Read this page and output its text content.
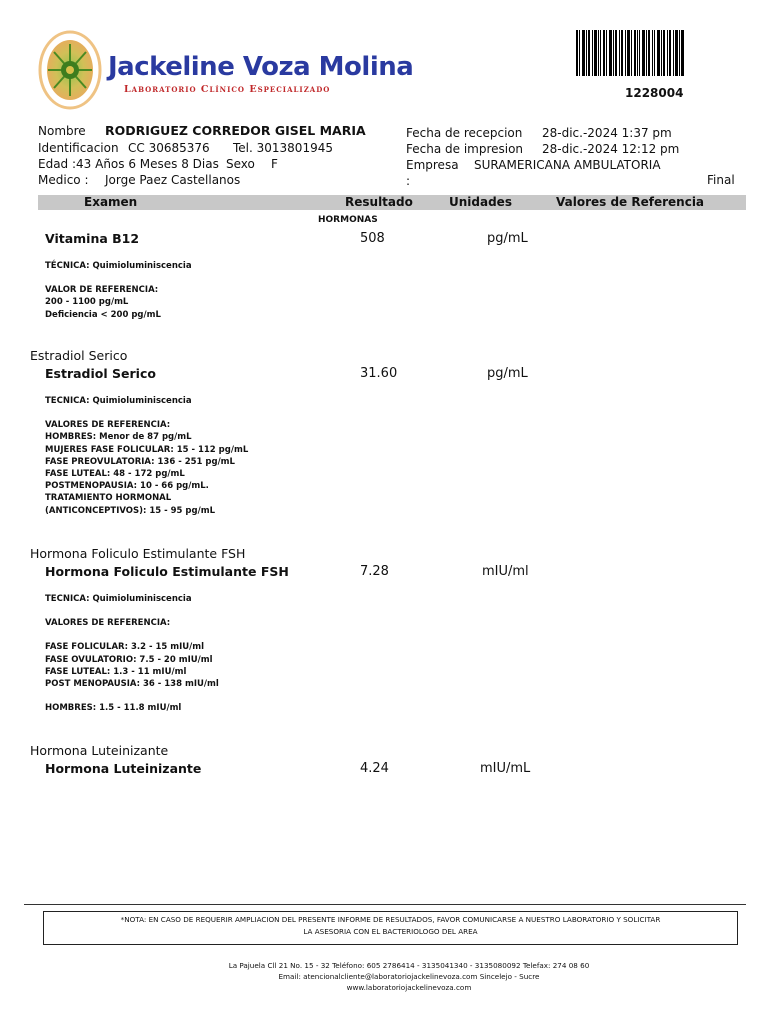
Jackeline Voza Molina
Laboratorio Clínico Especializado	1228004
Nombre RODRIGUEZ CORREDOR GISEL MARIA
Identificacion CC 30685376 Tel. 3013801945
Edad :43 Años 6 Meses 8 Dias Sexo F
Medico : Jorge Paez Castellanos
Fecha de recepcion 28-dic.-2024 1:37 pm
Fecha de impresion 28-dic.-2024 12:12 pm
Empresa SURAMERICANA AMBULATORIA
:	Final
Examen	Resultado	Unidades	Valores de Referencia
HORMONAS
Vitamina B12	508	pg/mL
TÉCNICA: Quimioluminiscencia
VALOR DE REFERENCIA:
200 - 1100 pg/mL
Deficiencia < 200 pg/mL
Estradiol Serico
Estradiol Serico	31.60	pg/mL
TECNICA: Quimioluminiscencia
VALORES DE REFERENCIA:
HOMBRES: Menor de 87 pg/mL
MUJERES FASE FOLICULAR: 15 - 112 pg/mL
FASE PREOVULATORIA: 136 - 251 pg/mL
FASE LUTEAL: 48 - 172 pg/mL
POSTMENOPAUSIA: 10 - 66 pg/mL.
TRATAMIENTO HORMONAL
(ANTICONCEPTIVOS): 15 - 95 pg/mL
Hormona Foliculo Estimulante FSH
Hormona Foliculo Estimulante FSH	7.28	mIU/ml
TECNICA: Quimioluminiscencia
VALORES DE REFERENCIA:
FASE FOLICULAR: 3.2 - 15 mIU/ml
FASE OVULATORIO: 7.5 - 20 mIU/ml
FASE LUTEAL: 1.3 - 11 mIU/ml
POST MENOPAUSIA: 36 - 138 mIU/ml
HOMBRES: 1.5 - 11.8 mIU/ml
Hormona Luteinizante
Hormona Luteinizante	4.24	mIU/mL
*NOTA: EN CASO DE REQUERIR AMPLIACION DEL PRESENTE INFORME DE RESULTADOS, FAVOR COMUNICARSE A NUESTRO LABORATORIO Y SOLICITAR
LA ASESORIA CON EL BACTERIOLOGO DEL AREA
La Pajuela Cll 21 No. 15 - 32 Teléfono: 605 2786414 - 3135041340 - 3135080092 Telefax: 274 08 60
Email: atencionalcliente@laboratoriojackelinevoza.com Sincelejo - Sucre
www.laboratoriojackelinevoza.com
